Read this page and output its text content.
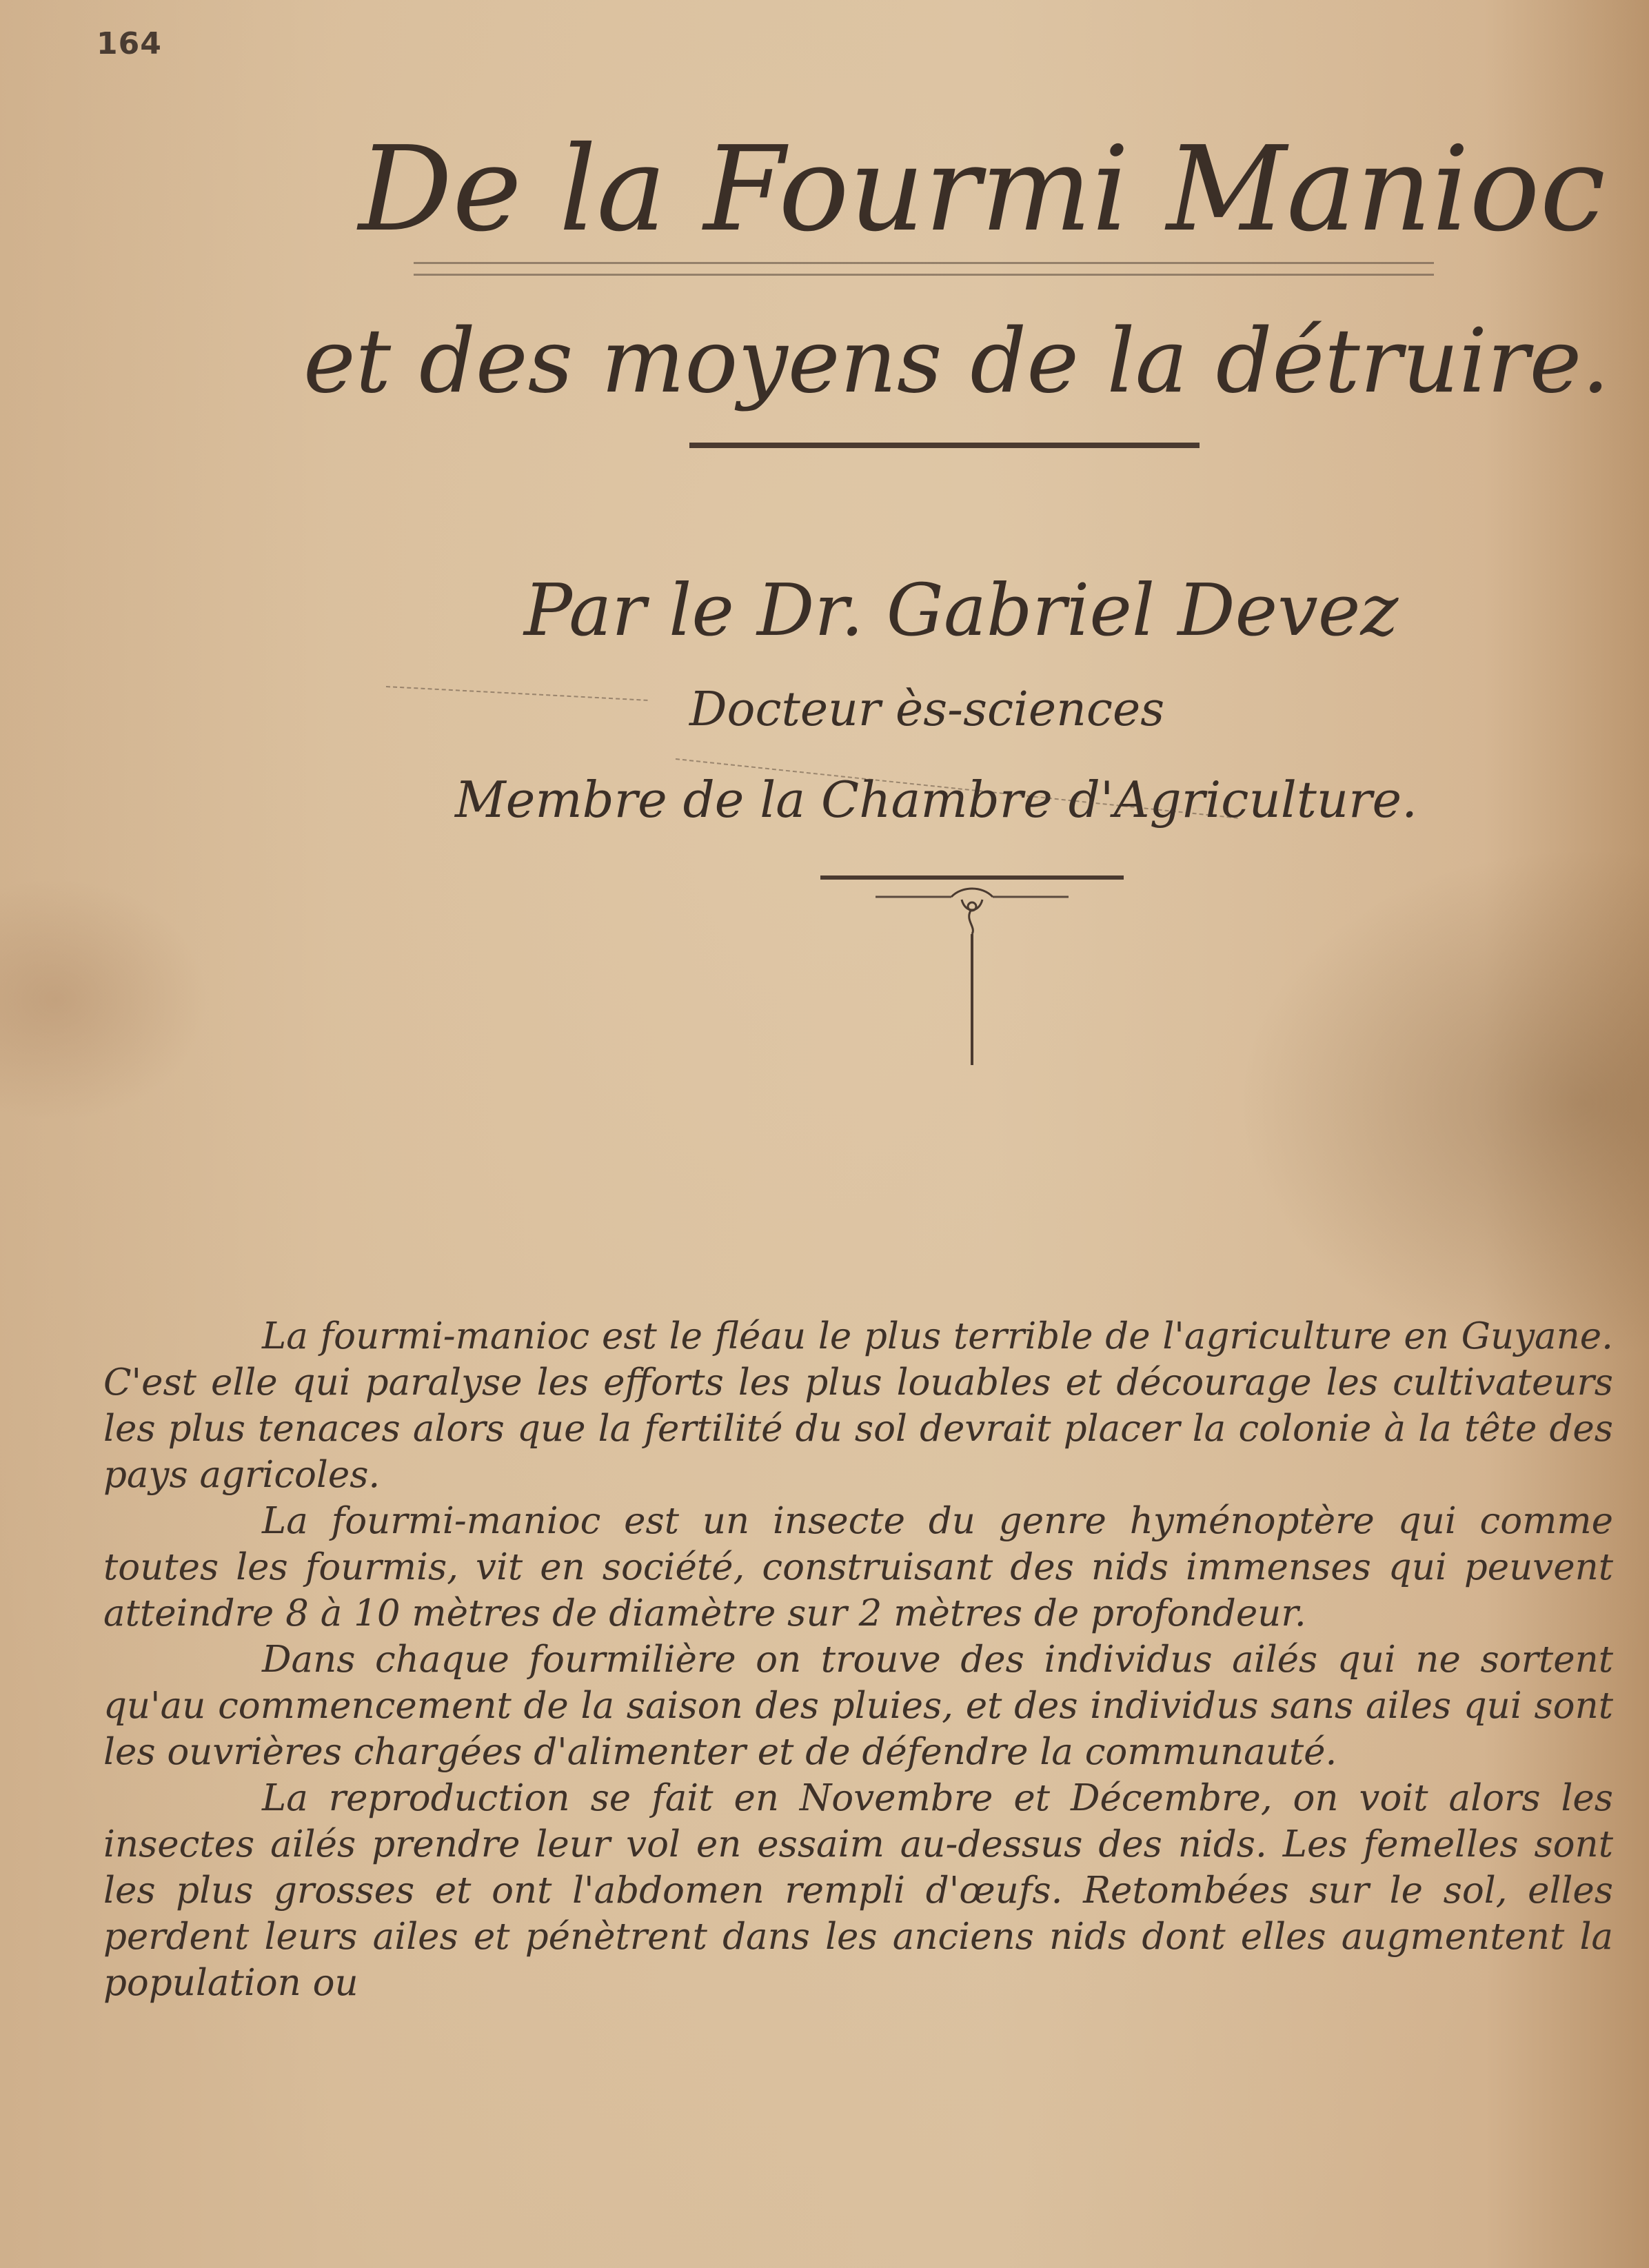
164
De la Fourmi Manioc
et des moyens de la détruire.
Par le Dr. Gabriel Devez
Docteur ès-sciences
Membre de la Chambre d'Agriculture.

La fourmi-manioc est le fléau le plus terrible de l'agriculture en Guyane. C'est elle qui paralyse les efforts les plus louables et décourage les cultivateurs les plus tenaces alors que la fertilité du sol devrait placer la colonie à la tête des pays agricoles.

La fourmi-manioc est un insecte du genre hyménoptère qui comme toutes les fourmis, vit en société, construisant des nids immenses qui peuvent atteindre 8 à 10 mètres de diamètre sur 2 mètres de profondeur.

Dans chaque fourmilière on trouve des individus ailés qui ne sortent qu'au commencement de la saison des pluies, et des individus sans ailes qui sont les ouvrières chargées d'alimenter et de défendre la communauté.

La reproduction se fait en Novembre et Décembre, on voit alors les insectes ailés prendre leur vol en essaim au-dessus des nids. Les femelles sont les plus grosses et ont l'abdomen rempli d'œufs. Retombées sur le sol, elles perdent leurs ailes et pénètrent dans les anciens nids dont elles augmentent la population ou
